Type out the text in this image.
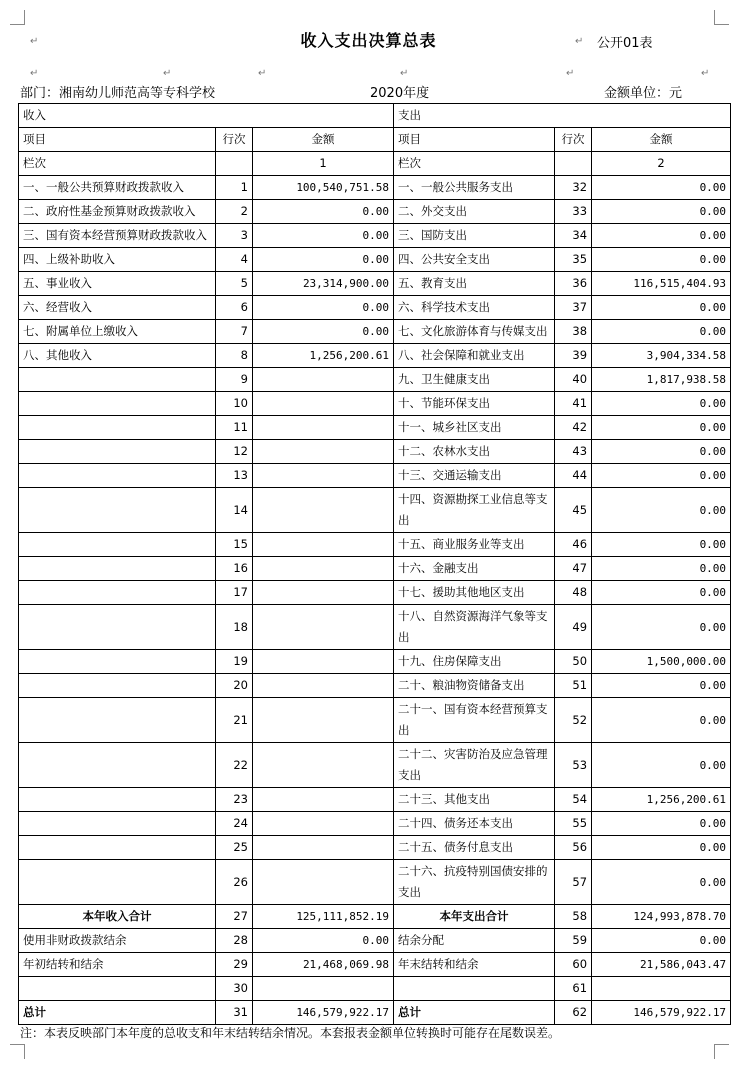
↵	↵
↵	↵	↵	↵	↵	↵
收入支出决算总表	公开01表
部门：湘南幼儿师范高等专科学校	2020年度	金额单位：元
收入			支出		
项目	行次	金额	项目	行次	金额
栏次		1	栏次		2
一、一般公共预算财政拨款收入	1	100,540,751.58	一、一般公共服务支出	32	0.00
二、政府性基金预算财政拨款收入	2	0.00	二、外交支出	33	0.00
三、国有资本经营预算财政拨款收入	3	0.00	三、国防支出	34	0.00
四、上级补助收入	4	0.00	四、公共安全支出	35	0.00
五、事业收入	5	23,314,900.00	五、教育支出	36	116,515,404.93
六、经营收入	6	0.00	六、科学技术支出	37	0.00
七、附属单位上缴收入	7	0.00	七、文化旅游体育与传媒支出	38	0.00
八、其他收入	8	1,256,200.61	八、社会保障和就业支出	39	3,904,334.58
	9		九、卫生健康支出	40	1,817,938.58
	10		十、节能环保支出	41	0.00
	11		十一、城乡社区支出	42	0.00
	12		十二、农林水支出	43	0.00
	13		十三、交通运输支出	44	0.00
	14		十四、资源勘探工业信息等支出	45	0.00
	15		十五、商业服务业等支出	46	0.00
	16		十六、金融支出	47	0.00
	17		十七、援助其他地区支出	48	0.00
	18		十八、自然资源海洋气象等支出	49	0.00
	19		十九、住房保障支出	50	1,500,000.00
	20		二十、粮油物资储备支出	51	0.00
	21		二十一、国有资本经营预算支出	52	0.00
	22		二十二、灾害防治及应急管理支出	53	0.00
	23		二十三、其他支出	54	1,256,200.61
	24		二十四、债务还本支出	55	0.00
	25		二十五、债务付息支出	56	0.00
	26		二十六、抗疫特别国债安排的支出	57	0.00
本年收入合计	27	125,111,852.19	本年支出合计	58	124,993,878.70
使用非财政拨款结余	28	0.00	结余分配	59	0.00
年初结转和结余	29	21,468,069.98	年末结转和结余	60	21,586,043.47
	30			61	
总计	31	146,579,922.17	总计	62	146,579,922.17
注：本表反映部门本年度的总收支和年末结转结余情况。本套报表金额单位转换时可能存在尾数误差。
